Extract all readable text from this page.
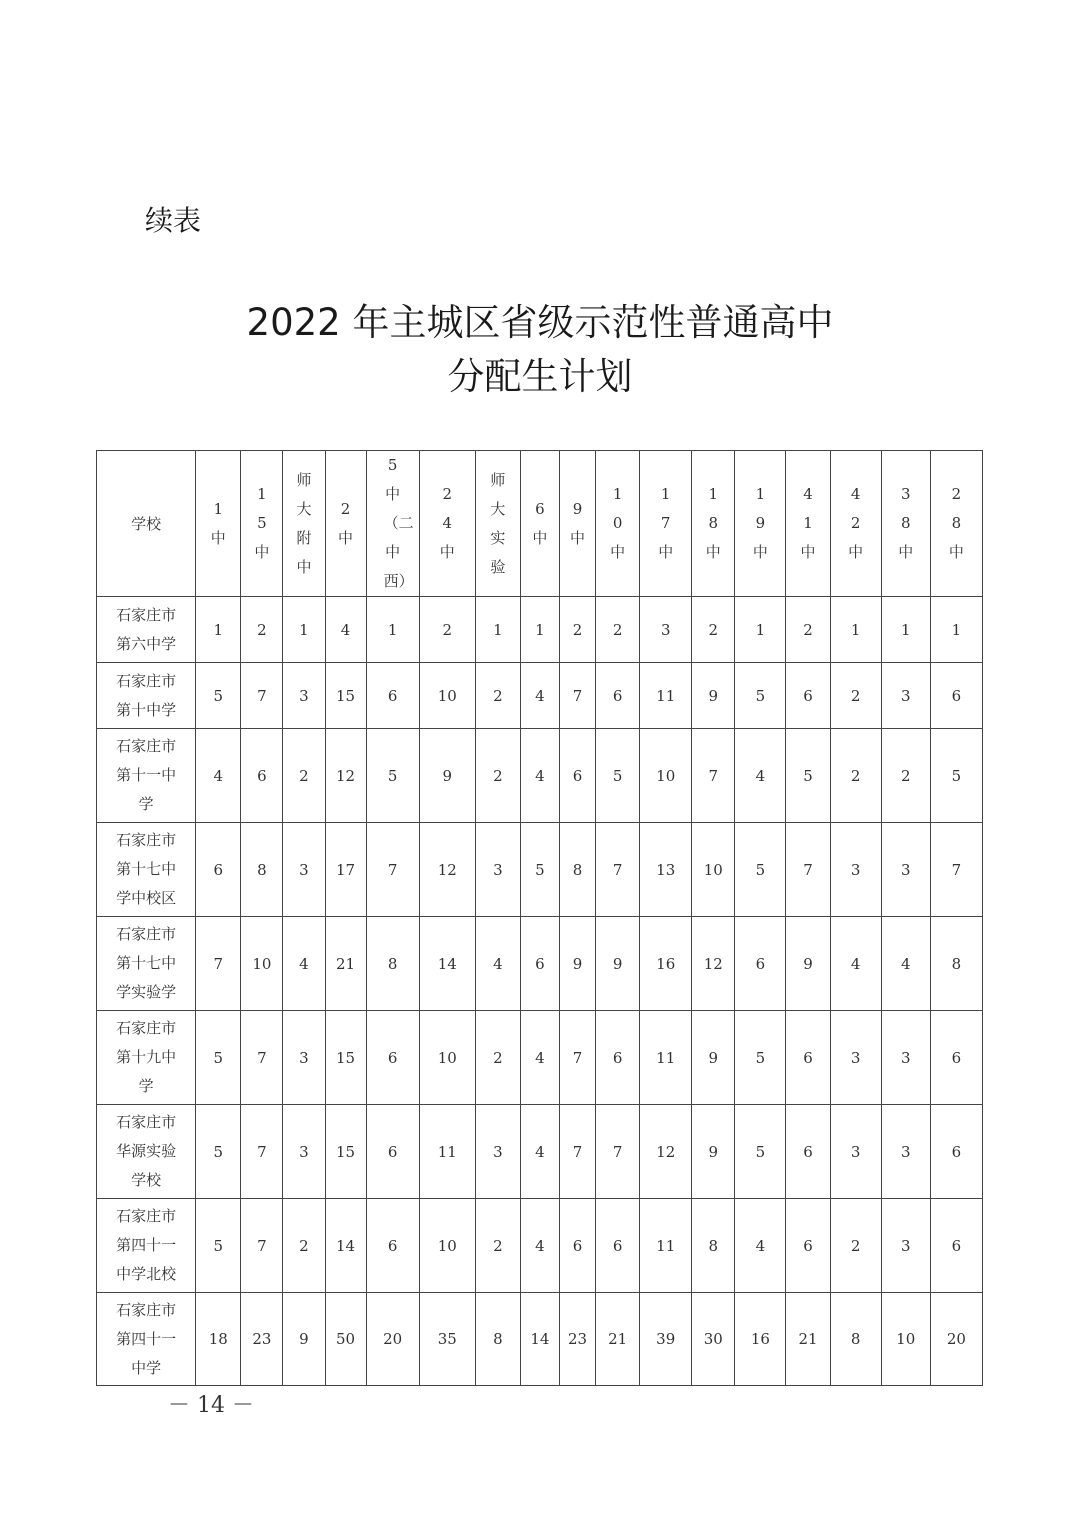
续表
2022 年主城区省级示范性普通高中
分配生计划
学校	1中	15中	师大附中	2中	5中（二中西）	24中	师大实验	6中	9中	10中	17中	18中	19中	41中	42中	38中	28中
石家庄市第六中学	1	2	1	4	1	2	1	1	2	2	3	2	1	2	1	1	1
石家庄市第十中学	5	7	3	15	6	10	2	4	7	6	11	9	5	6	2	3	6
石家庄市第十一中学	4	6	2	12	5	9	2	4	6	5	10	7	4	5	2	2	5
石家庄市第十七中学中校区	6	8	3	17	7	12	3	5	8	7	13	10	5	7	3	3	7
石家庄市第十七中学实验学	7	10	4	21	8	14	4	6	9	9	16	12	6	9	4	4	8
石家庄市第十九中学	5	7	3	15	6	10	2	4	7	6	11	9	5	6	3	3	6
石家庄市华源实验学校	5	7	3	15	6	11	3	4	7	7	12	9	5	6	3	3	6
石家庄市第四十一中学北校	5	7	2	14	6	10	2	4	6	6	11	8	4	6	2	3	6
石家庄市第四十一中学	18	23	9	50	20	35	8	14	23	21	39	30	16	21	8	10	20
－ 14 －
